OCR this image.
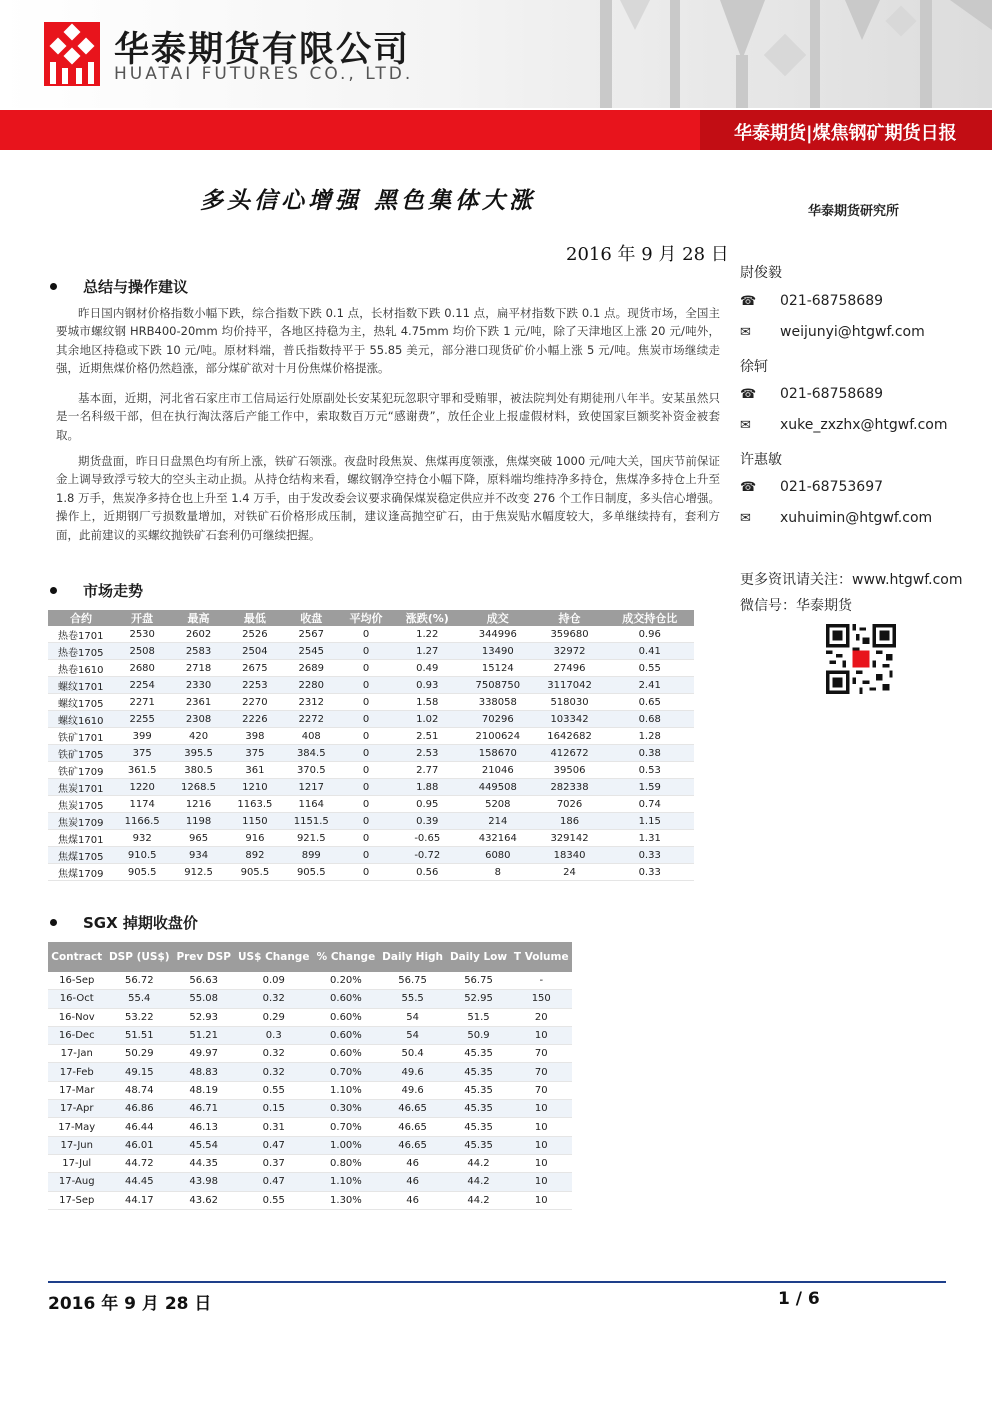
华泰期货有限公司
HUATAI FUTURES CO., LTD.
华泰期货|煤焦钢矿期货日报
多头信心增强 黑色集体大涨	华泰期货研究所
2016 年 9 月 28 日
总结与操作建议
昨日国内钢材价格指数小幅下跌，综合指数下跌 0.1 点，长材指数下跌 0.11 点，扁平材指数下跌 0.1 点。现货市场，全国主要城市螺纹钢 HRB400-20mm 均价持平，各地区持稳为主，热轧 4.75mm 均价下跌 1 元/吨，除了天津地区上涨 20 元/吨外，其余地区持稳或下跌 10 元/吨。原材料端，普氏指数持平于 55.85 美元，部分港口现货矿价小幅上涨 5 元/吨。焦炭市场继续走强，近期焦煤价格仍然趋涨，部分煤矿欲对十月份焦煤价格提涨。
基本面，近期，河北省石家庄市工信局运行处原副处长安某犯玩忽职守罪和受贿罪，被法院判处有期徒刑八年半。安某虽然只是一名科级干部，但在执行淘汰落后产能工作中，索取数百万元“感谢费”，放任企业上报虚假材料，致使国家巨额奖补资金被套取。
期货盘面，昨日日盘黑色均有所上涨，铁矿石领涨。夜盘时段焦炭、焦煤再度领涨，焦煤突破 1000 元/吨大关，国庆节前保证金上调导致浮亏较大的空头主动止损。从持仓结构来看，螺纹钢净空持仓小幅下降，原料端均维持净多持仓，焦煤净多持仓上升至 1.8 万手，焦炭净多持仓也上升至 1.4 万手，由于发改委会议要求确保煤炭稳定供应并不改变 276 个工作日制度，多头信心增强。操作上，近期钢厂亏损数量增加，对铁矿石价格形成压制，建议逢高抛空矿石，由于焦炭贴水幅度较大，多单继续持有，套利方面，此前建议的买螺纹抛铁矿石套利仍可继续把握。
尉俊毅
☎ 021-68758689
✉	weijunyi@htgwf.com
徐轲
☎ 021-68758689
✉	xuke_zxzhx@htgwf.com
许惠敏
☎ 021-68753697
✉	xuhuimin@htgwf.com
更多资讯请关注：www.htgwf.com
微信号：华泰期货
市场走势
合约	开盘	最高	最低	收盘	平均价	涨跌(%)	成交	持仓	成交持仓比
热卷1701	2530	2602	2526	2567	0	1.22	344996	359680	0.96
热卷1705	2508	2583	2504	2545	0	1.27	13490	32972	0.41
热卷1610	2680	2718	2675	2689	0	0.49	15124	27496	0.55
螺纹1701	2254	2330	2253	2280	0	0.93	7508750	3117042	2.41
螺纹1705	2271	2361	2270	2312	0	1.58	338058	518030	0.65
螺纹1610	2255	2308	2226	2272	0	1.02	70296	103342	0.68
铁矿1701	399	420	398	408	0	2.51	2100624	1642682	1.28
铁矿1705	375	395.5	375	384.5	0	2.53	158670	412672	0.38
铁矿1709	361.5	380.5	361	370.5	0	2.77	21046	39506	0.53
焦炭1701	1220	1268.5	1210	1217	0	1.88	449508	282338	1.59
焦炭1705	1174	1216	1163.5	1164	0	0.95	5208	7026	0.74
焦炭1709	1166.5	1198	1150	1151.5	0	0.39	214	186	1.15
焦煤1701	932	965	916	921.5	0	-0.65	432164	329142	1.31
焦煤1705	910.5	934	892	899	0	-0.72	6080	18340	0.33
焦煤1709	905.5	912.5	905.5	905.5	0	0.56	8	24	0.33
SGX 掉期收盘价
Contract	DSP (US$)	Prev DSP	US$ Change	% Change	Daily High	Daily Low	T Volume
16-Sep	56.72	56.63	0.09	0.20%	56.75	56.75	-
16-Oct	55.4	55.08	0.32	0.60%	55.5	52.95	150
16-Nov	53.22	52.93	0.29	0.60%	54	51.5	20
16-Dec	51.51	51.21	0.3	0.60%	54	50.9	10
17-Jan	50.29	49.97	0.32	0.60%	50.4	45.35	70
17-Feb	49.15	48.83	0.32	0.70%	49.6	45.35	70
17-Mar	48.74	48.19	0.55	1.10%	49.6	45.35	70
17-Apr	46.86	46.71	0.15	0.30%	46.65	45.35	10
17-May	46.44	46.13	0.31	0.70%	46.65	45.35	10
17-Jun	46.01	45.54	0.47	1.00%	46.65	45.35	10
17-Jul	44.72	44.35	0.37	0.80%	46	44.2	10
17-Aug	44.45	43.98	0.47	1.10%	46	44.2	10
17-Sep	44.17	43.62	0.55	1.30%	46	44.2	10
2016 年 9 月 28 日	1 / 6
